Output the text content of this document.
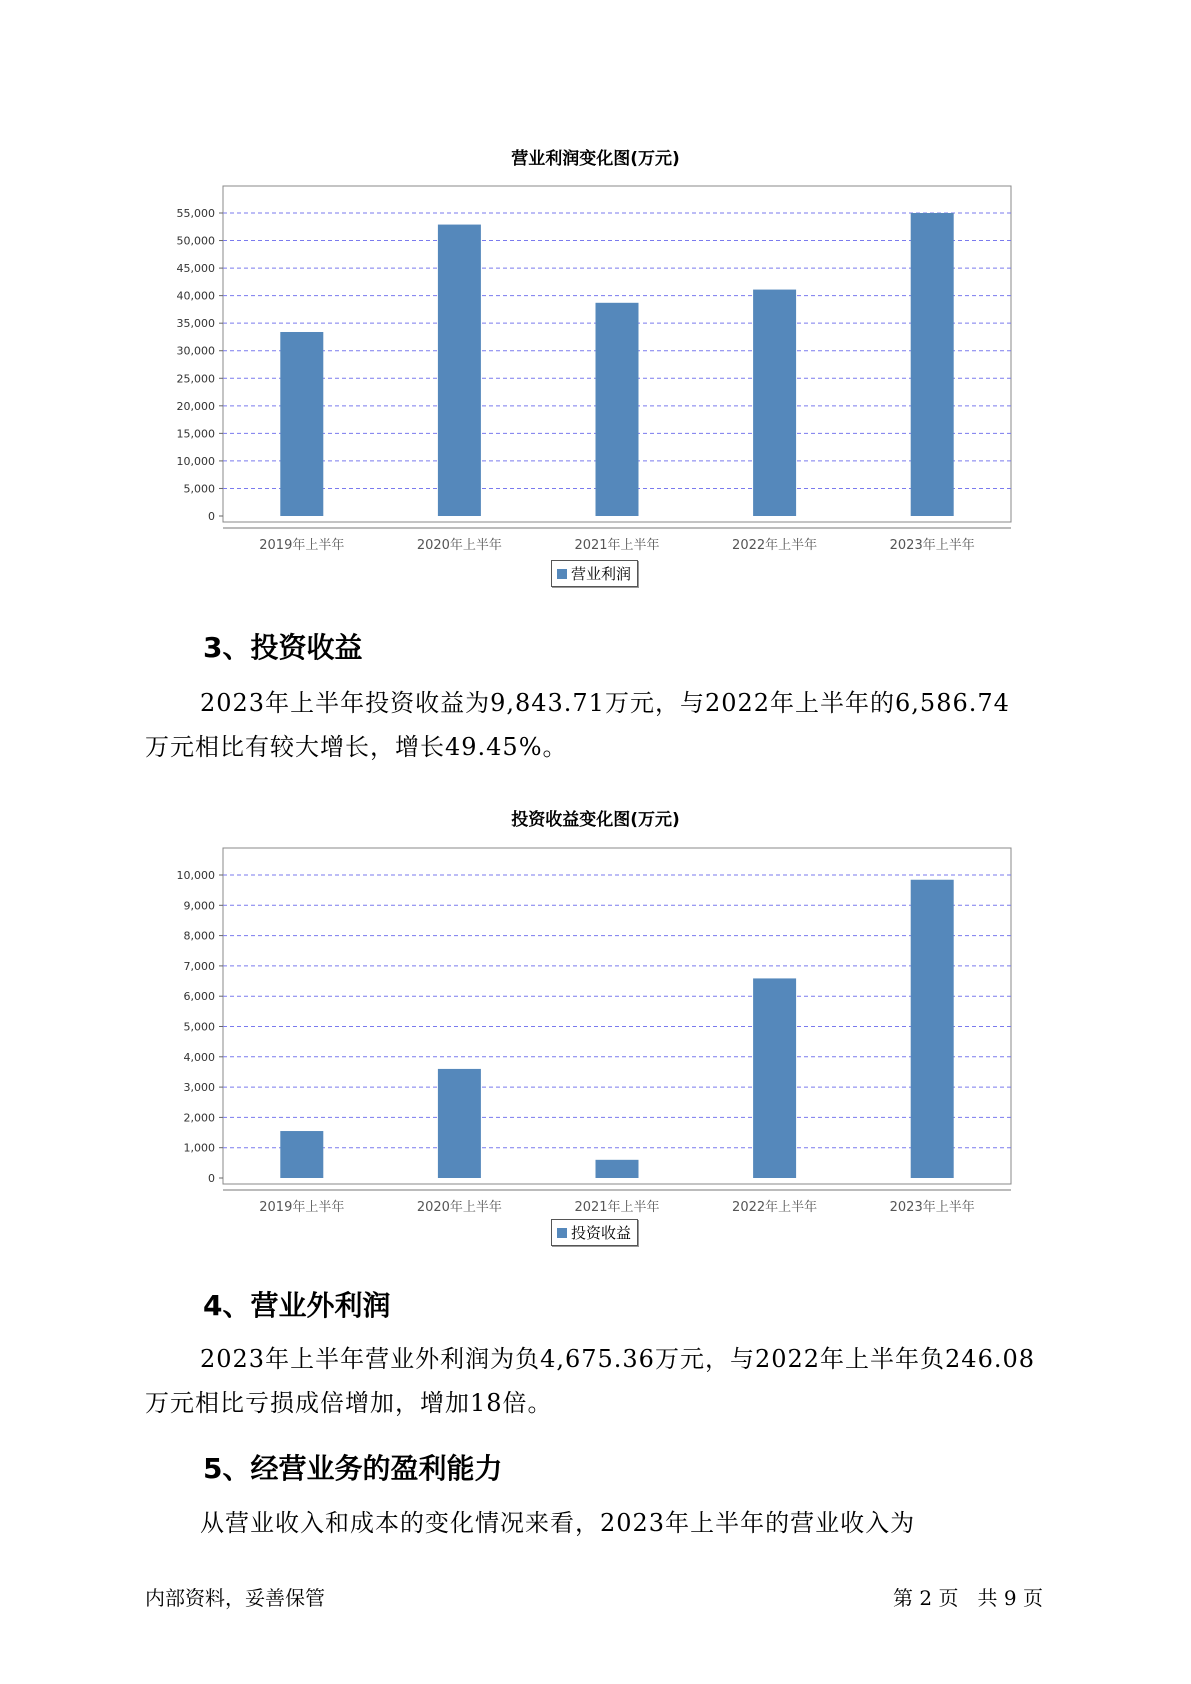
营业利润变化图(万元)
0
5,000
10,000
15,000
20,000
25,000
30,000
35,000
40,000
45,000
50,000
55,000
2019年上半年	2020年上半年	2021年上半年	2022年上半年	2023年上半年
营业利润
3、投资收益
2023年上半年投资收益为9,843.71万元，与2022年上半年的6,586.74
万元相比有较大增长，增长49.45%。
投资收益变化图(万元)
0
1,000
2,000
3,000
4,000
5,000
6,000
7,000
8,000
9,000
10,000
2019年上半年	2020年上半年	2021年上半年	2022年上半年	2023年上半年
投资收益
4、营业外利润
2023年上半年营业外利润为负4,675.36万元，与2022年上半年负246.08
万元相比亏损成倍增加，增加18倍。
5、经营业务的盈利能力
从营业收入和成本的变化情况来看，2023年上半年的营业收入为
内部资料，妥善保管	第 2 页   共 9 页
